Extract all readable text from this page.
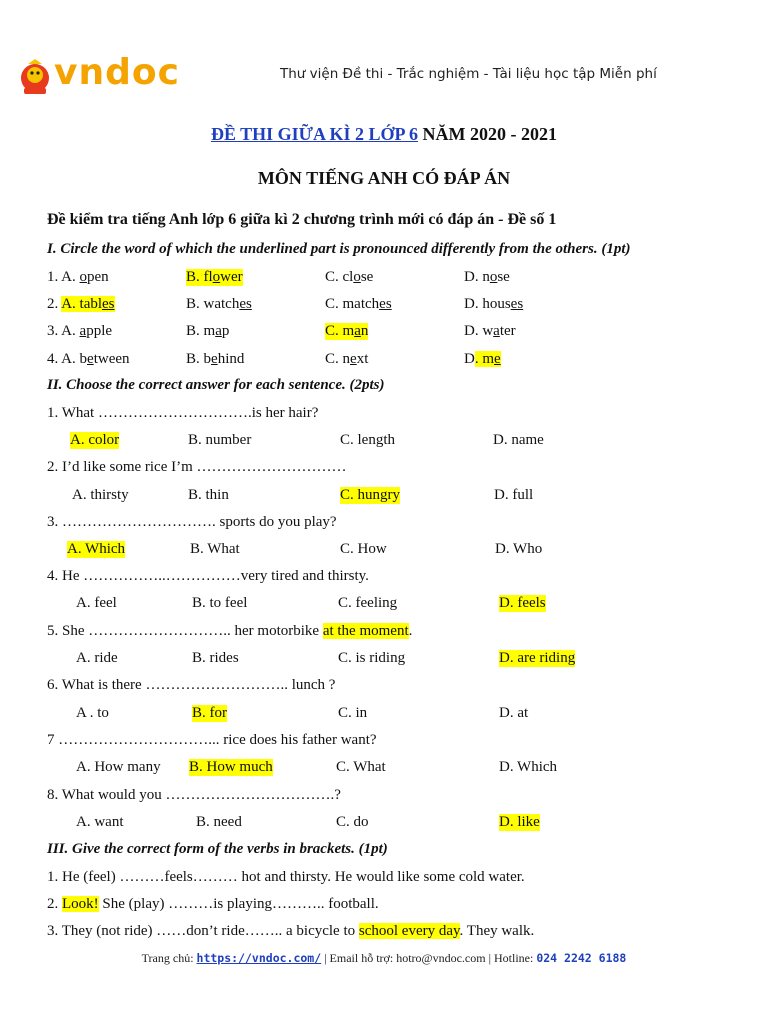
vndoc	Thư viện Đề thi - Trắc nghiệm - Tài liệu học tập Miễn phí
ĐỀ THI GIỮA KÌ 2 LỚP 6 NĂM 2020 - 2021
MÔN TIẾNG ANH CÓ ĐÁP ÁN
Đề kiểm tra tiếng Anh lớp 6 giữa kì 2 chương trình mới có đáp án - Đề số 1
I. Circle the word of which the underlined part is pronounced differently from the others. (1pt)
1. A. open	B. flower	C. close	D. nose
2. A. tables	B. watches	C. matches	D. houses
3. A. apple	B. map	C. man	D. water
4. A. between	B. behind	C. next	D. me
II. Choose the correct answer for each sentence. (2pts)
1. What ………………………….is her hair?
A. color	B. number	C. length	D. name
2. I’d like some rice I’m …………………………
A. thirsty	B. thin	C. hungry	D. full
3. …………………………. sports do you play?
A. Which	B. What	C. How	D. Who
4. He ……………..……………very tired and thirsty.
A. feel	B. to feel	C. feeling	D. feels
5. She ……………………….. her motorbike at the moment.
A. ride	B. rides	C. is riding	D. are riding
6. What is there ……………………….. lunch ?
A . to	B. for	C. in	D. at
7 …………………………... rice does his father want?
A. How many B. How much	C. What	D. Which
8. What would you …………………………….?
A. want	B. need	C. do	D. like
III. Give the correct form of the verbs in brackets. (1pt)
1. He (feel) ………feels……… hot and thirsty. He would like some cold water.
2. Look! She (play) ………is playing……….. football.
3. They (not ride) ……don’t ride…….. a bicycle to school every day. They walk.
Trang chủ: https://vndoc.com/ | Email hỗ trợ: hotro@vndoc.com | Hotline: 024 2242 6188
